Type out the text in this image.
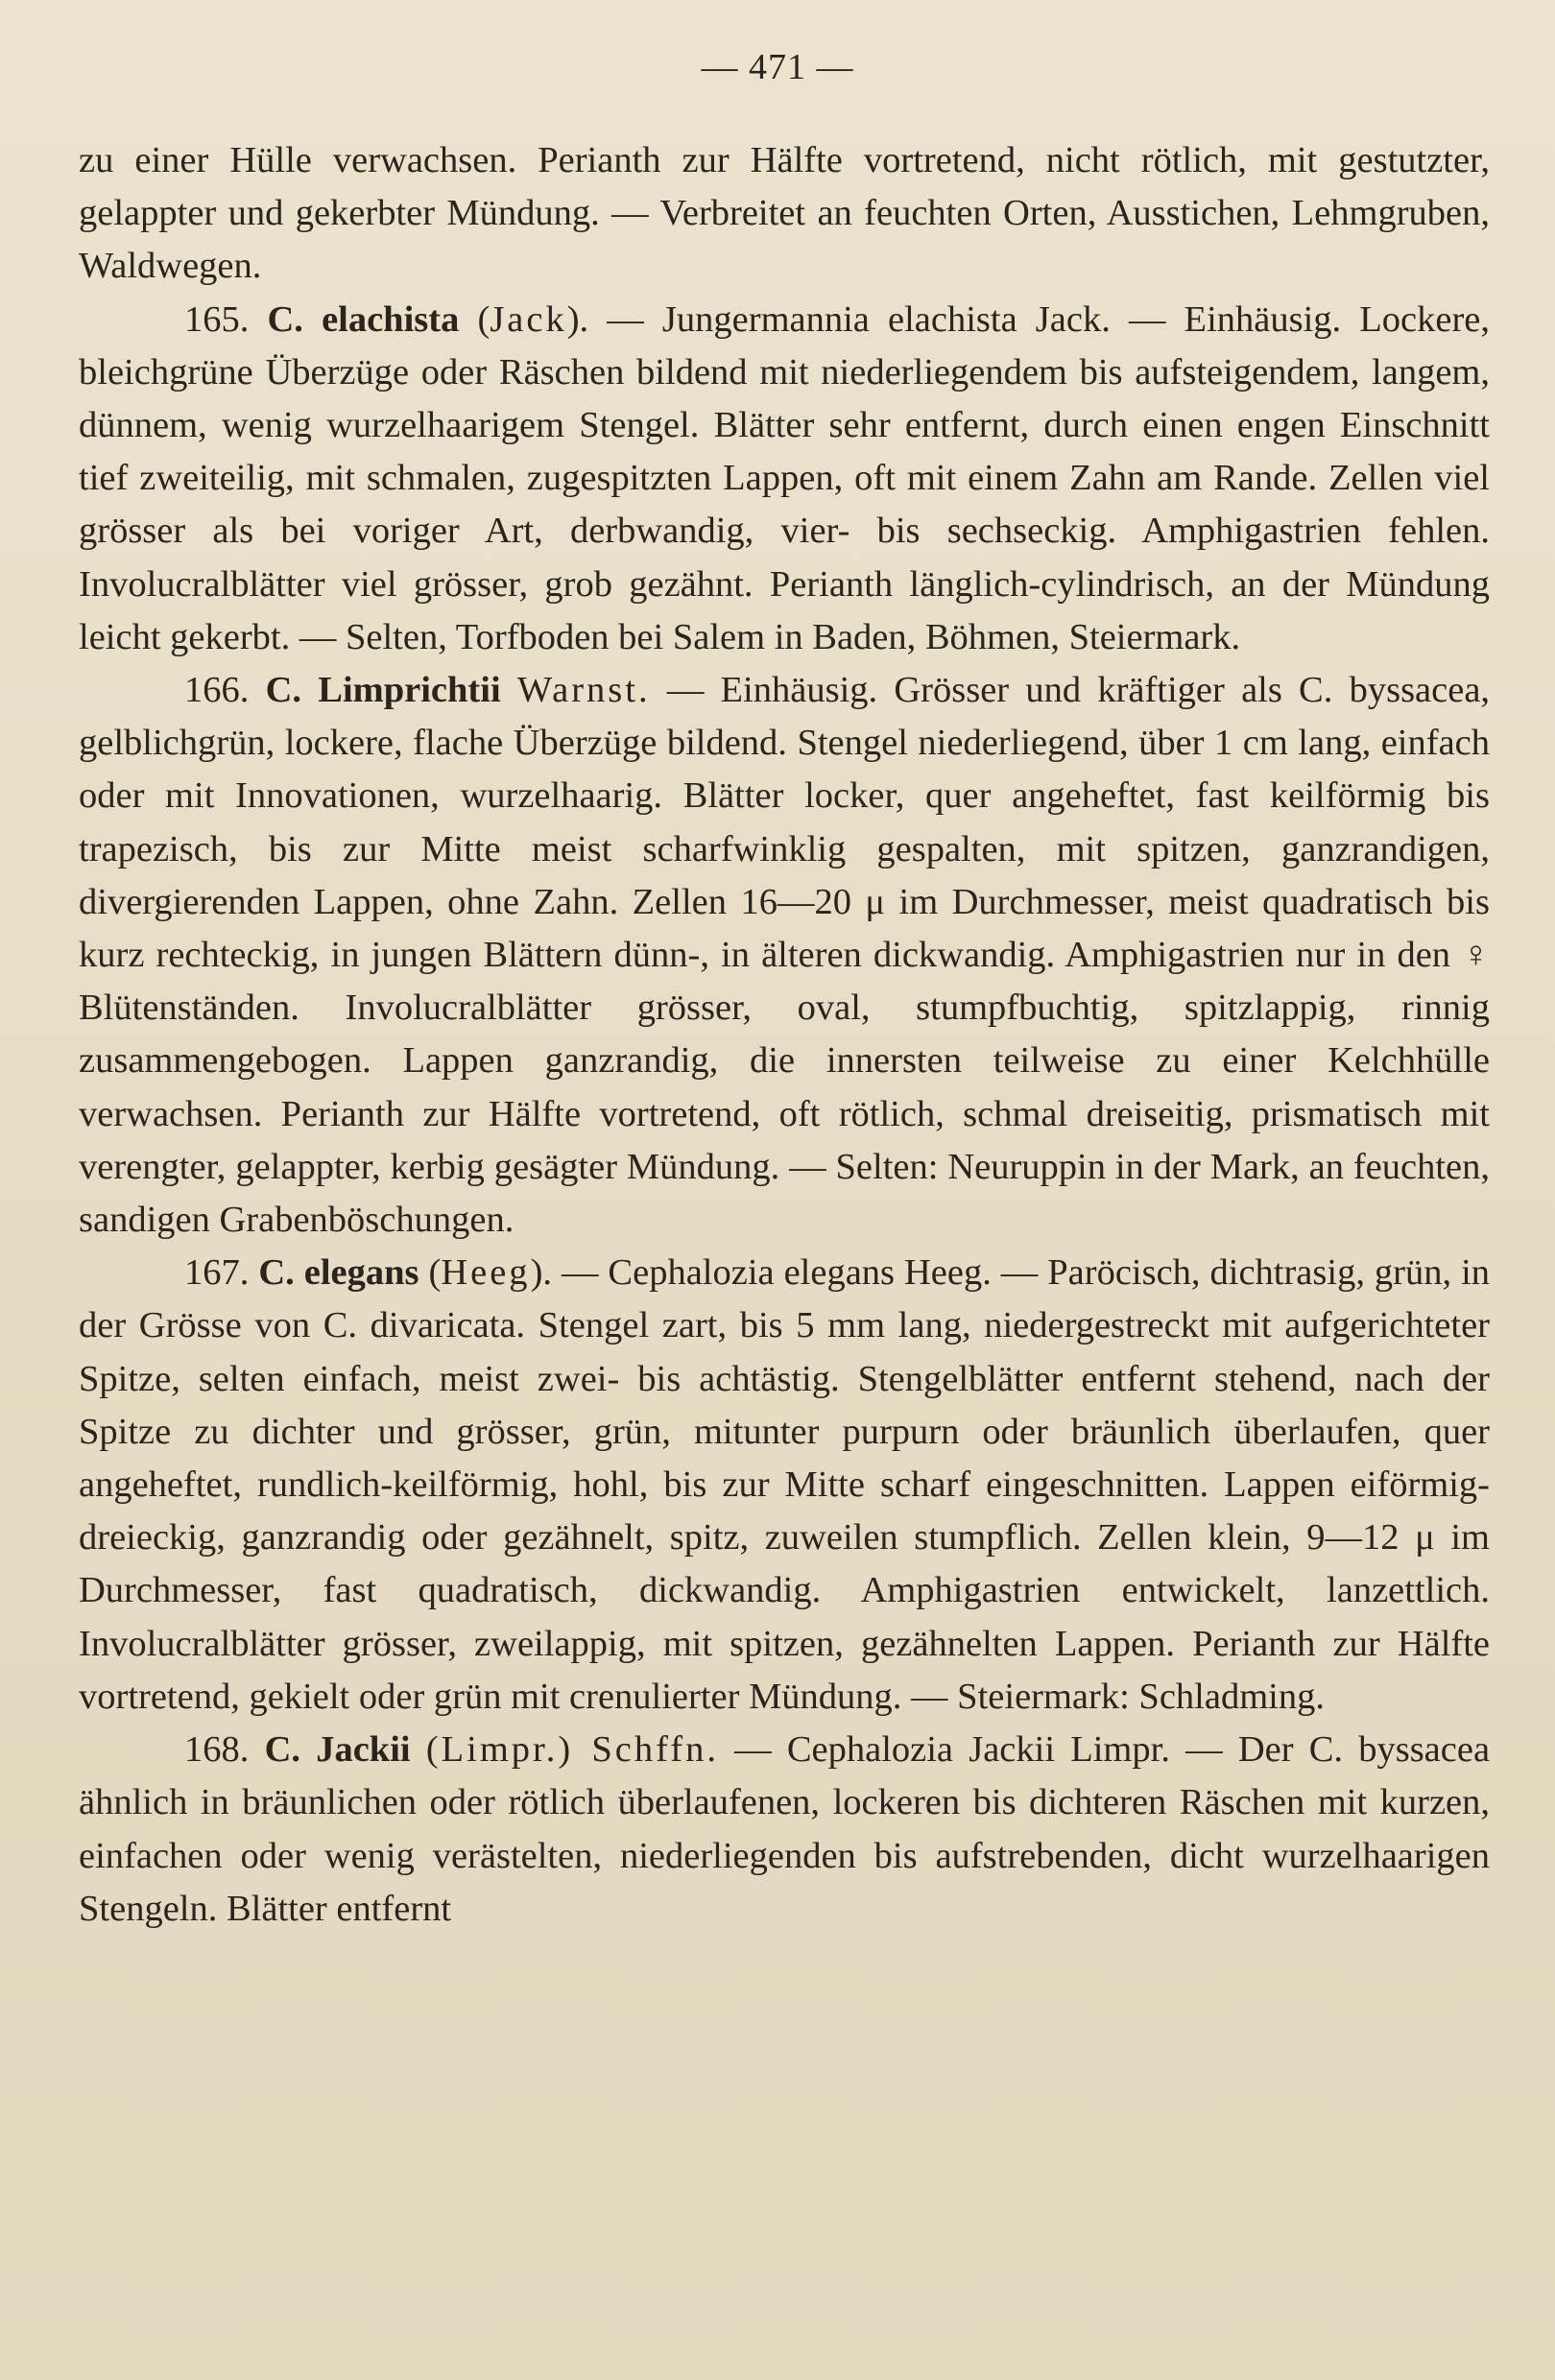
— 471 —

zu einer Hülle verwachsen. Perianth zur Hälfte vortretend, nicht rötlich, mit gestutzter, gelappter und gekerbter Mündung. — Verbreitet an feuchten Orten, Ausstichen, Lehmgruben, Waldwegen.

165. C. elachista (Jack). — Jungermannia elachista Jack. — Einhäusig. Lockere, bleichgrüne Überzüge oder Räschen bildend mit niederliegendem bis aufsteigendem, langem, dünnem, wenig wurzelhaarigem Stengel. Blätter sehr entfernt, durch einen engen Einschnitt tief zweiteilig, mit schmalen, zugespitzten Lappen, oft mit einem Zahn am Rande. Zellen viel grösser als bei voriger Art, derbwandig, vier- bis sechseckig. Amphigastrien fehlen. Involucralblätter viel grösser, grob gezähnt. Perianth länglich-cylindrisch, an der Mündung leicht gekerbt. — Selten, Torfboden bei Salem in Baden, Böhmen, Steiermark.

166. C. Limprichtii Warnst. — Einhäusig. Grösser und kräftiger als C. byssacea, gelblichgrün, lockere, flache Überzüge bildend. Stengel niederliegend, über 1 cm lang, einfach oder mit Innovationen, wurzelhaarig. Blätter locker, quer angeheftet, fast keilförmig bis trapezisch, bis zur Mitte meist scharfwinklig gespalten, mit spitzen, ganzrandigen, divergierenden Lappen, ohne Zahn. Zellen 16—20 μ im Durchmesser, meist quadratisch bis kurz rechteckig, in jungen Blättern dünn-, in älteren dickwandig. Amphigastrien nur in den ♀ Blütenständen. Involucralblätter grösser, oval, stumpfbuchtig, spitzlappig, rinnig zusammengebogen. Lappen ganzrandig, die innersten teilweise zu einer Kelchhülle verwachsen. Perianth zur Hälfte vortretend, oft rötlich, schmal dreiseitig, prismatisch mit verengter, gelappter, kerbig gesägter Mündung. — Selten: Neuruppin in der Mark, an feuchten, sandigen Grabenböschungen.

167. C. elegans (Heeg). — Cephalozia elegans Heeg. — Paröcisch, dichtrasig, grün, in der Grösse von C. divaricata. Stengel zart, bis 5 mm lang, niedergestreckt mit aufgerichteter Spitze, selten einfach, meist zwei- bis achtästig. Stengelblätter entfernt stehend, nach der Spitze zu dichter und grösser, grün, mitunter purpurn oder bräunlich überlaufen, quer angeheftet, rundlich-keilförmig, hohl, bis zur Mitte scharf eingeschnitten. Lappen eiförmig-dreieckig, ganzrandig oder gezähnelt, spitz, zuweilen stumpflich. Zellen klein, 9—12 μ im Durchmesser, fast quadratisch, dickwandig. Amphigastrien entwickelt, lanzettlich. Involucralblätter grösser, zweilappig, mit spitzen, gezähnelten Lappen. Perianth zur Hälfte vortretend, gekielt oder grün mit crenulierter Mündung. — Steiermark: Schladming.

168. C. Jackii (Limpr.) Schffn. — Cephalozia Jackii Limpr. — Der C. byssacea ähnlich in bräunlichen oder rötlich überlaufenen, lockeren bis dichteren Räschen mit kurzen, einfachen oder wenig verästelten, niederliegenden bis aufstrebenden, dicht wurzelhaarigen Stengeln. Blätter entfernt
